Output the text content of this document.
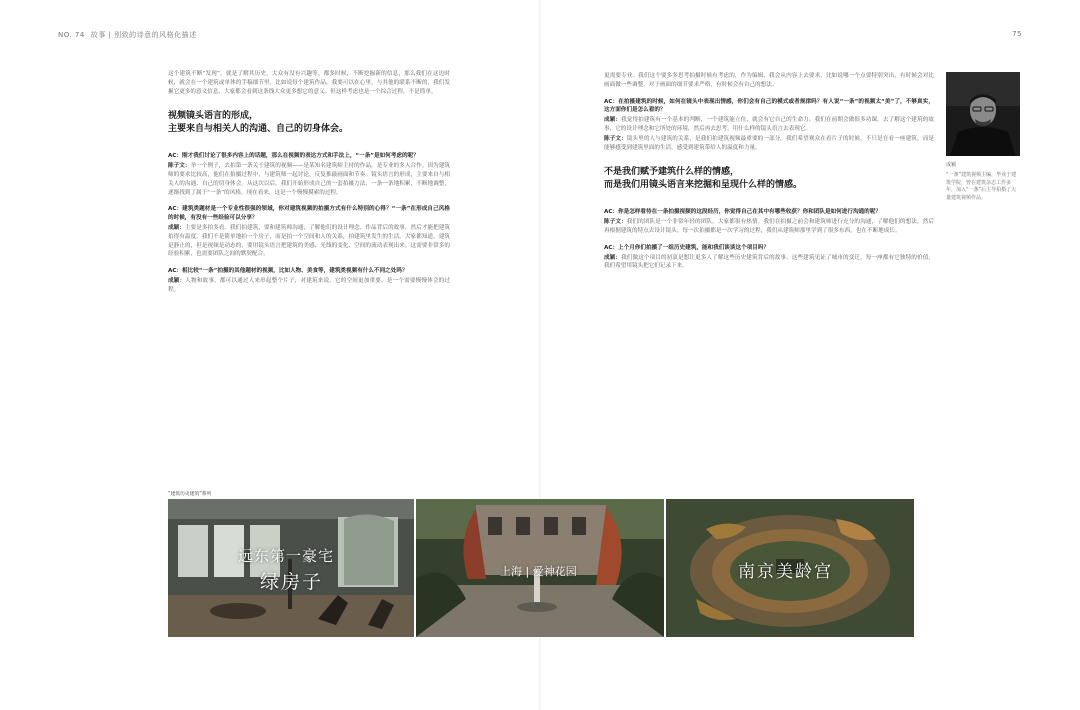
NO. 74 故事 | 别致的诗意的风格化描述	75

这个建筑不断“发现”，就是了解其历史，大众有没有兴趣等、都多时候，不断挖掘新的信息，那么我们在这边时候，就会在一个建筑或单体的手稿细节里。比如说每个建筑作品，我要可以在心里，与其他的联系不断的，我们发掘它更多的意义信息，大家都会看到这条线大众更多想它的意义。但这样考虑也是一个综合过程，不是简单。

视频镜头语言的形成，
主要来自与相关人的沟通、自己的切身体会。

AC：刚才我们讨论了很多内容上的话题，那么在视频的表达方式和手法上，“一条”是如何考虑的呢？

陈子文：举一个例子，去拍第一条关于建筑的视频——是某知名建筑师主持的作品，是专业的多人合作。因为建筑师的要求比较高，他们在拍摄过程中，与建筑师一起讨论，反复推敲画面和节奏。镜头语言的形成，主要来自与相关人的沟通、自己的切身体会。从这次以后，我们开始形成自己的一套拍摄方法，一条一条地积累，不断地调整，逐渐找到了属于“一条”的风格。现在看来，这是一个慢慢摸索的过程。

AC：建筑类题材是一个专业性很强的领域，你对建筑视频的拍摄方式有什么特别的心得？“一条”在形成自己风格的时候，有没有一些经验可以分享？

成颖：主要是多拍多看。我们拍建筑，要和建筑师沟通，了解他们的设计理念、作品背后的故事，然后才能把建筑拍得有温度。我们不是简单地拍一个房子，而是拍一个空间和人的关系，拍建筑里发生的生活。大家都知道，建筑是静止的，但是视频是动态的，要用镜头语言把建筑的美感、光线的变化、空间的流动表现出来。这需要非常多的经验积累，也需要团队之间的默契配合。

AC：相比较“一条”拍摄的其他题材的视频，比如人物、美食等，建筑类视频有什么不同之处吗？

成颖：人物和故事，都可以通过人来串起整个片子，对建筑来说，它的空间更加重要，是一个需要慢慢体会的过程。

更需要专业。我们这个要多多思考拍摄时候有考虑的，作为编辑，我会从内容上去要求，比如说哪一个点要特别突出，有时候会对比画面做一些调整，对于画面的细节要求严格，有时候会有自己的想法。

AC：在拍摄建筑的时候，如何在镜头中表现出情感，你们会有自己的模式或者规律吗？有人说“一条”的视频太“美”了，不够真实，这方面你们是怎么看的？

成颖：我觉得拍建筑有一个基本的判断，一个建筑能立住，就会有它自己的生命力。我们在前期会做很多功课，去了解这个建筑的故事，它的设计理念和它所处的环境，然后再去思考，用什么样的镜头语言去表现它。

陈子文：镜头里的人与建筑的关系，是我们拍建筑视频最重要的一部分。我们希望观众在看片子的时候，不只是在看一座建筑，而是能够感受到建筑里面的生活，感受到建筑带给人的温度和力量。

不是我们赋予建筑什么样的情感，
而是我们用镜头语言来挖掘和呈现什么样的情感。

AC：你是怎样看待在一条拍摄视频的这段经历，你觉得自己在其中有哪些收获？你和团队是如何进行沟通的呢？

陈子文：我们的团队是一个非常年轻的团队，大家都很有热情。我们在拍摄之前会和建筑师进行充分的沟通，了解他们的想法，然后再根据建筑的特点去设计镜头。每一次拍摄都是一次学习的过程，我们从建筑师那里学到了很多东西，也在不断地成长。

AC：上个月你们拍摄了一组历史建筑，能和我们谈谈这个项目吗？

成颖：我们做这个项目的初衷是想让更多人了解这些历史建筑背后的故事。这些建筑见证了城市的变迁，每一座都有它独特的价值，我们希望用镜头把它们记录下来。

成颖
“一条”建筑视频主编，毕业于建筑学院，曾在建筑杂志工作多年，加入“一条”后主导拍摄了大量建筑视频作品。
“建筑历史建筑”系列
远东第一豪宅
绿房子	上海 | 爱神花园	南京美龄宫
